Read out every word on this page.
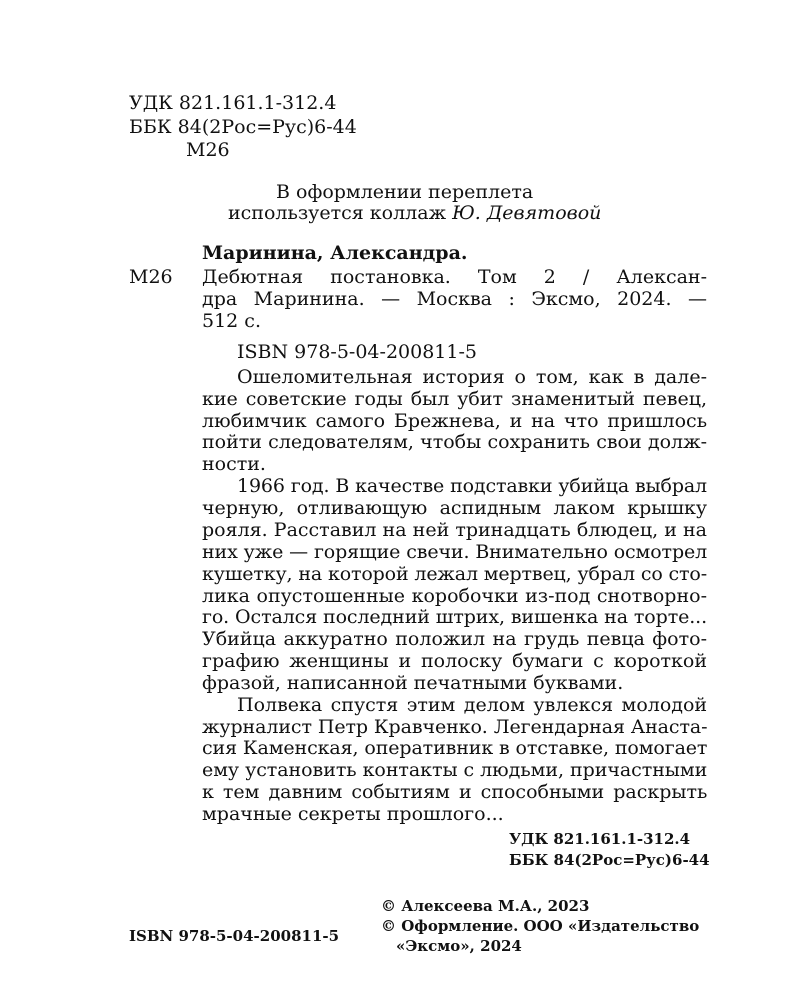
УДК 821.161.1-312.4
ББК 84(2Рос=Рус)6-44
М26
В оформлении переплета
используется коллаж Ю. Девятовой
Маринина, Александра.
М26 Дебютная постановка. Том 2 / Алексан-
дра Маринина. — Москва : Эксмо, 2024. —
512 с.
ISBN 978-5-04-200811-5
Ошеломительная история о том, как в дале-
кие советские годы был убит знаменитый певец,
любимчик самого Брежнева, и на что пришлось
пойти следователям, чтобы сохранить свои долж-
ности.
1966 год. В качестве подставки убийца выбрал
черную, отливающую аспидным лаком крышку
рояля. Расставил на ней тринадцать блюдец, и на
них уже — горящие свечи. Внимательно осмотрел
кушетку, на которой лежал мертвец, убрал со сто-
лика опустошенные коробочки из-под снотворно-
го. Остался последний штрих, вишенка на торте...
Убийца аккуратно положил на грудь певца фото-
графию женщины и полоску бумаги с короткой
фразой, написанной печатными буквами.
Полвека спустя этим делом увлекся молодой
журналист Петр Кравченко. Легендарная Анаста-
сия Каменская, оперативник в отставке, помогает
ему установить контакты с людьми, причастными
к тем давним событиям и способными раскрыть
мрачные секреты прошлого...
УДК 821.161.1-312.4
ББК 84(2Рос=Рус)6-44
© Алексеева М.А., 2023
© Оформление. ООО «Издательство
«Эксмо», 2024
ISBN 978-5-04-200811-5
